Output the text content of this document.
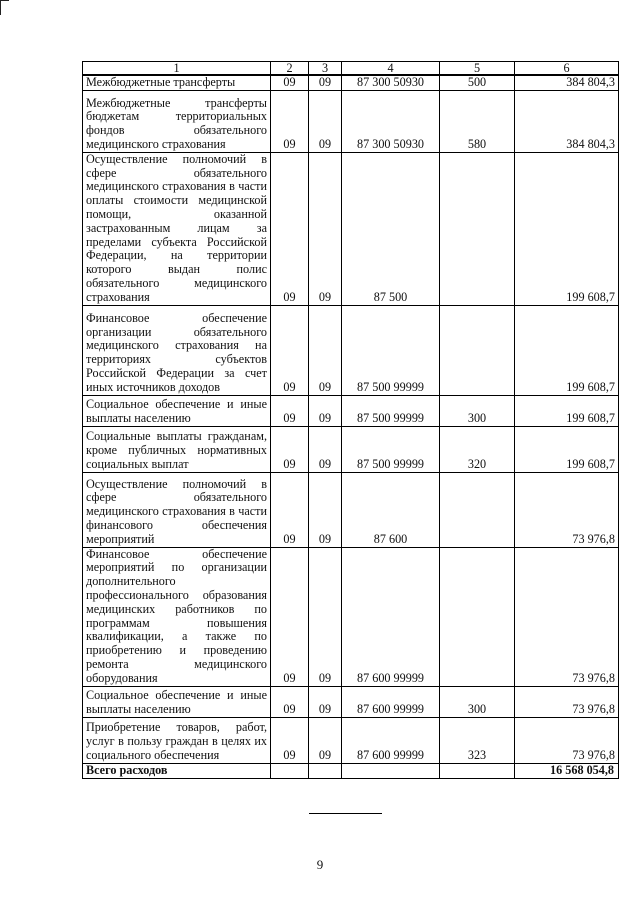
1	2	3	4	5	6
Межбюджетные трансферты	09	09	87 300 50930	500	384 804,3
Межбюджетные трансферты бюджетам территориальных фондов обязательного медицинского страхования	09	09	87 300 50930	580	384 804,3
Осуществление полномочий в сфере обязательного медицинского страхования в части оплаты стоимости медицинской помощи, оказанной застрахованным лицам за пределами субъекта Российской Федерации, на территории которого выдан полис обязательного медицинского страхования	09	09	87 500		199 608,7
Финансовое обеспечение организации обязательного медицинского страхования на территориях субъектов Российской Федерации за счет иных источников доходов	09	09	87 500 99999		199 608,7
Социальное обеспечение и иные выплаты населению	09	09	87 500 99999	300	199 608,7
Социальные выплаты гражданам, кроме публичных нормативных социальных выплат	09	09	87 500 99999	320	199 608,7
Осуществление полномочий в сфере обязательного медицинского страхования в части финансового обеспечения мероприятий	09	09	87 600		73 976,8
Финансовое обеспечение мероприятий по организации дополнительного профессионального образования медицинских работников по программам повышения квалификации, а также по приобретению и проведению ремонта медицинского оборудования	09	09	87 600 99999		73 976,8
Социальное обеспечение и иные выплаты населению	09	09	87 600 99999	300	73 976,8
Приобретение товаров, работ, услуг в пользу граждан в целях их социального обеспечения	09	09	87 600 99999	323	73 976,8
Всего расходов					16 568 054,8
9
